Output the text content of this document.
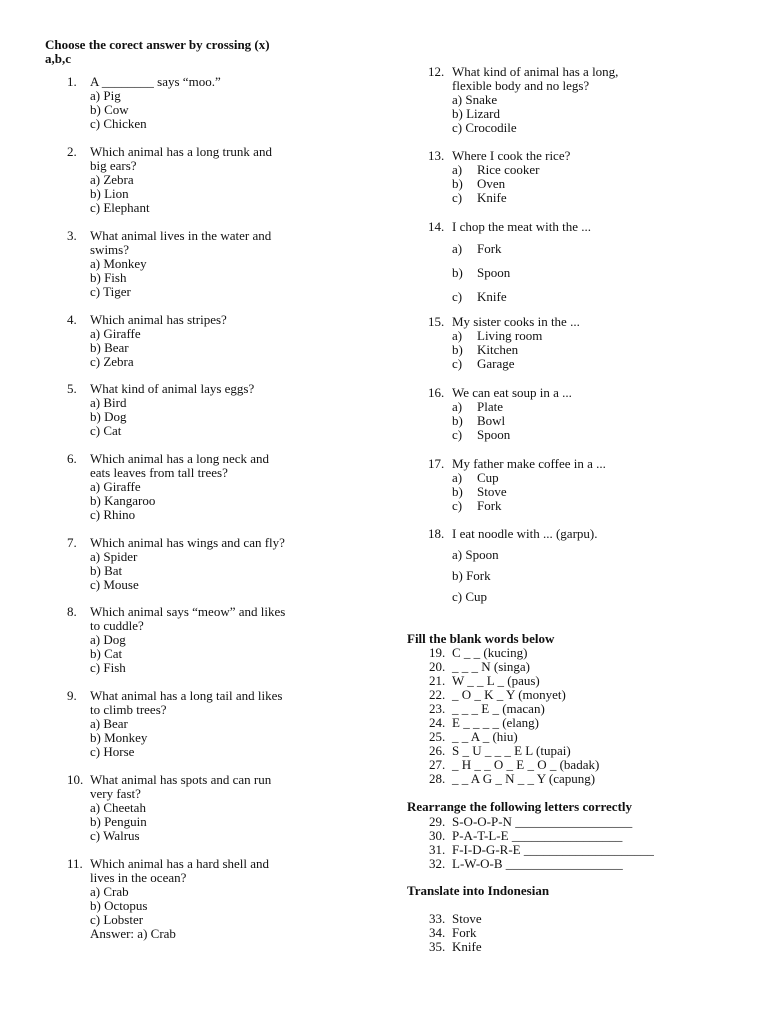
Choose the corect answer by crossing (x)
a,b,c
1. A ________ says “moo.”
a) Pig
b) Cow
c) Chicken
2. Which animal has a long trunk and
big ears?
a) Zebra
b) Lion
c) Elephant
3. What animal lives in the water and
swims?
a) Monkey
b) Fish
c) Tiger
4. Which animal has stripes?
a) Giraffe
b) Bear
c) Zebra
5. What kind of animal lays eggs?
a) Bird
b) Dog
c) Cat
6. Which animal has a long neck and
eats leaves from tall trees?
a) Giraffe
b) Kangaroo
c) Rhino
7. Which animal has wings and can fly?
a) Spider
b) Bat
c) Mouse
8. Which animal says “meow” and likes
to cuddle?
a) Dog
b) Cat
c) Fish
9. What animal has a long tail and likes
to climb trees?
a) Bear
b) Monkey
c) Horse
10. What animal has spots and can run
very fast?
a) Cheetah
b) Penguin
c) Walrus
11. Which animal has a hard shell and
lives in the ocean?
a) Crab
b) Octopus
c) Lobster
Answer: a) Crab
12. What kind of animal has a long,
flexible body and no legs?
a) Snake
b) Lizard
c) Crocodile
13. Where I cook the rice?
a) Rice cooker
b) Oven
c) Knife
14. I chop the meat with the ...
a) Fork
b) Spoon
c) Knife
15. My sister cooks in the ...
a) Living room
b) Kitchen
c) Garage
16. We can eat soup in a ...
a) Plate
b) Bowl
c) Spoon
17. My father make coffee in a ...
a) Cup
b) Stove
c) Fork
18. I eat noodle with ... (garpu).
a) Spoon
b) Fork
c) Cup
Fill the blank words below
19. C _ _ (kucing)
20. _ _ _ N (singa)
21. W _ _ L _ (paus)
22. _ O _ K _ Y (monyet)
23. _ _ _ E _ (macan)
24. E _ _ _ _ (elang)
25. _ _ A _ (hiu)
26. S _ U _ _ _ E L (tupai)
27. _ H _ _ O _ E _ O _ (badak)
28. _ _ A G _ N _ _ Y (capung)
Rearrange the following letters correctly
29. S-O-O-P-N __________________
30. P-A-T-L-E _________________
31. F-I-D-G-R-E ____________________
32. L-W-O-B __________________
Translate into Indonesian
33. Stove
34. Fork
35. Knife
